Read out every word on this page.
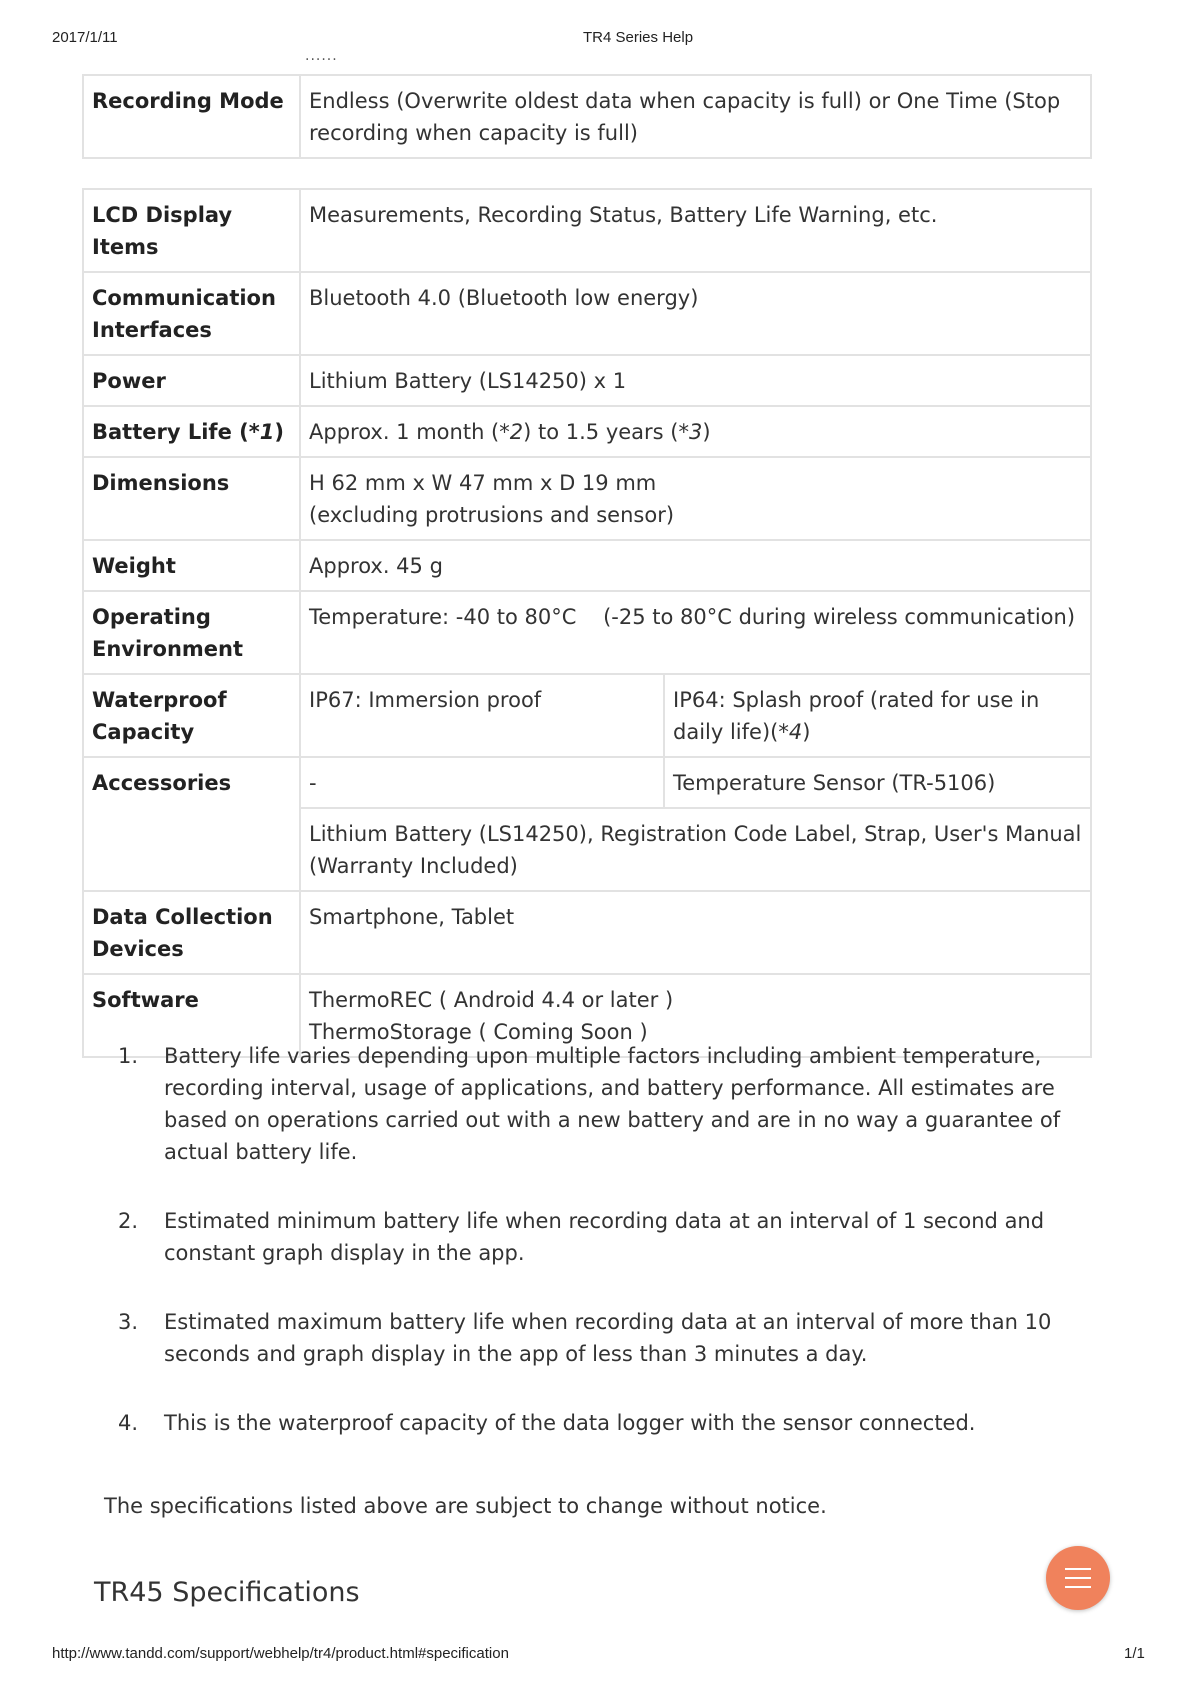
2017/1/11	TR4 Series Help
......
Recording Mode	Endless (Overwrite oldest data when capacity is full) or One Time (Stop recording when capacity is full)
LCD Display Items	Measurements, Recording Status, Battery Life Warning, etc.	
Communication
Interfaces	Bluetooth 4.0 (Bluetooth low energy)	
Power	Lithium Battery (LS14250) x 1	
Battery Life (*1)	Approx. 1 month (*2) to 1.5 years (*3)	
Dimensions	H 62 mm x W 47 mm x D 19 mm
(excluding protrusions and sensor)	
Weight	Approx. 45 g	
Operating
Environment	Temperature: -40 to 80°C    (-25 to 80°C during wireless communication)	
Waterproof
Capacity	IP67: Immersion proof	IP64: Splash proof (rated for use in daily life)(*4)
Accessories	-	Temperature Sensor (TR-5106)
	Lithium Battery (LS14250), Registration Code Label, Strap, User's Manual (Warranty Included)	
Data Collection
Devices	Smartphone, Tablet	
Software	ThermoREC ( Android 4.4 or later )
ThermoStorage ( Coming Soon )	
1. Battery life varies depending upon multiple factors including ambient temperature, recording interval, usage of applications, and battery performance. All estimates are based on operations carried out with a new battery and are in no way a guarantee of actual battery life.
2. Estimated minimum battery life when recording data at an interval of 1 second and constant graph display in the app.
3. Estimated maximum battery life when recording data at an interval of more than 10 seconds and graph display in the app of less than 3 minutes a day.
4. This is the waterproof capacity of the data logger with the sensor connected.
The specifications listed above are subject to change without notice.
TR45 Specifications
http://www.tandd.com/support/webhelp/tr4/product.html#specification	1/1
